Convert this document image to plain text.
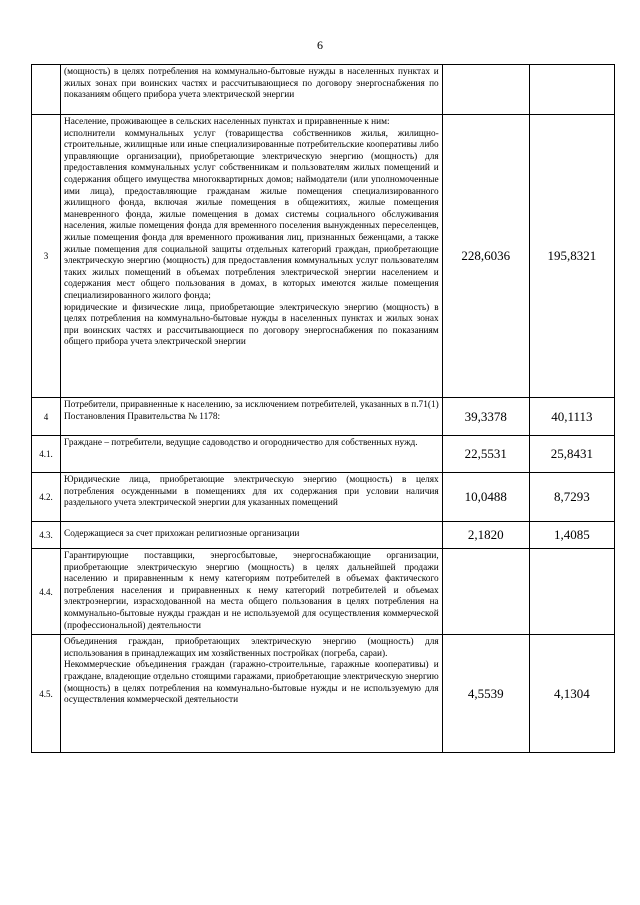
6

	(мощность) в целях потребления на коммунально-бытовые нужды в населенных пунктах и жилых зонах при воинских частях и рассчитывающиеся по договору энергоснабжения по показаниям общего прибора учета электрической энергии		

3	Население, проживающее в сельских населенных пунктах и приравненные к ним:
исполнители коммунальных услуг (товарищества собственников жилья, жилищно-строительные, жилищные или иные специализированные потребительские кооперативы либо управляющие организации), приобретающие электрическую энергию (мощность) для предоставления коммунальных услуг собственникам и пользователям жилых помещений и содержания общего имущества многоквартирных домов; наймодатели (или уполномоченные ими лица), предоставляющие гражданам жилые помещения специализированного жилищного фонда, включая жилые помещения в общежитиях, жилые помещения маневренного фонда, жилые помещения в домах системы социального обслуживания населения, жилые помещения фонда для временного поселения вынужденных переселенцев, жилые помещения фонда для временного проживания лиц, признанных беженцами, а также жилые помещения для социальной защиты отдельных категорий граждан, приобретающие электрическую энергию (мощность) для предоставления коммунальных услуг пользователям таких жилых помещений в объемах потребления электрической энергии населением и содержания мест общего пользования в домах, в которых имеются жилые помещения специализированного жилого фонда;
юридические и физические лица, приобретающие электрическую энергию (мощность) в целях потребления на коммунально-бытовые нужды в населенных пунктах и жилых зонах при воинских частях и рассчитывающиеся по договору энергоснабжения по показаниям общего прибора учета электрической энергии	228,6036	195,8321
4	Потребители, приравненные к населению, за исключением потребителей, указанных в п.71(1) Постановления Правительства № 1178:	39,3378	40,1113
4.1.	Граждане – потребители, ведущие садоводство и огородничество для собственных нужд.	22,5531	25,8431
4.2.	Юридические лица, приобретающие электрическую энергию (мощность) в целях потребления осужденными в помещениях для их содержания при условии наличия раздельного учета электрической энергии для указанных помещений	10,0488	8,7293
4.3.	Содержащиеся за счет прихожан религиозные организации	2,1820	1,4085
4.4.	Гарантирующие поставщики, энергосбытовые, энергоснабжающие организации, приобретающие электрическую энергию (мощность) в целях дальнейшей продажи населению и приравненным к нему категориям потребителей в объемах фактического потребления населения и приравненных к нему категорий потребителей и объемах электроэнергии, израсходованной на места общего пользования в целях потребления на коммунально-бытовые нужды граждан и не используемой для осуществления коммерческой (профессиональной) деятельности		

4.5.	Объединения граждан, приобретающих электрическую энергию (мощность) для использования в принадлежащих им хозяйственных постройках (погреба, сараи).
Некоммерческие объединения граждан (гаражно-строительные, гаражные кооперативы) и граждане, владеющие отдельно стоящими гаражами, приобретающие электрическую энергию (мощность) в целях потребления на коммунально-бытовые нужды и не используемую для осуществления коммерческой деятельности	4,5539	4,1304
